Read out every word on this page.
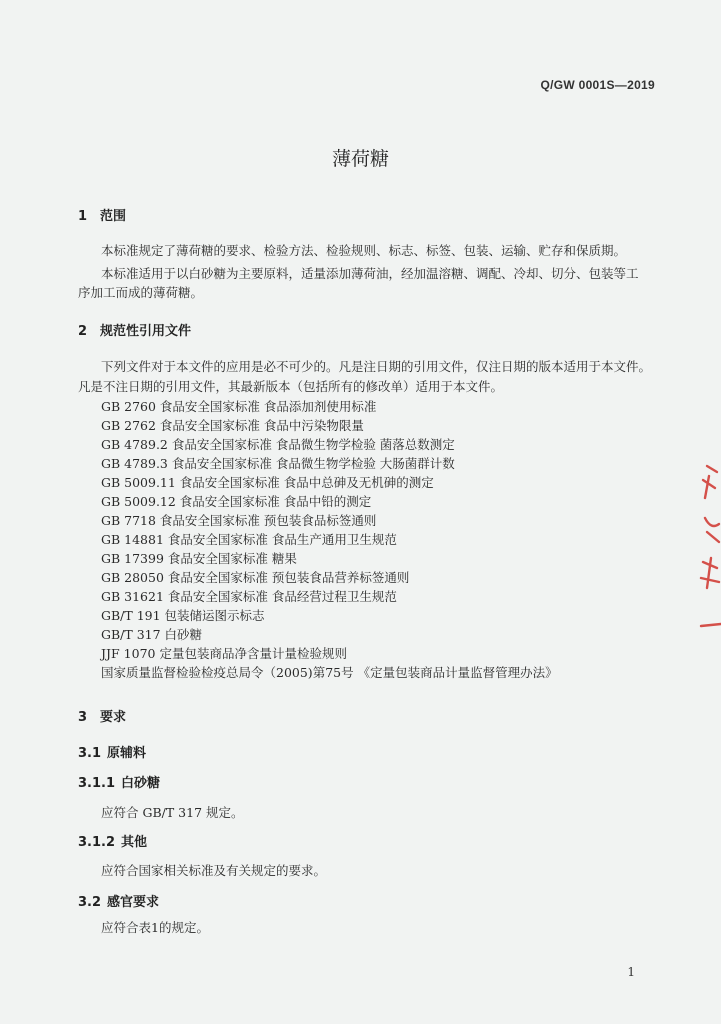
Q/GW 0001S—2019
薄荷糖
1 范围
本标准规定了薄荷糖的要求、检验方法、检验规则、标志、标签、包装、运输、贮存和保质期。
本标准适用于以白砂糖为主要原料，适量添加薄荷油，经加温溶糖、调配、冷却、切分、包装等工
序加工而成的薄荷糖。
2 规范性引用文件
下列文件对于本文件的应用是必不可少的。凡是注日期的引用文件，仅注日期的版本适用于本文件。
凡是不注日期的引用文件，其最新版本（包括所有的修改单）适用于本文件。
GB 2760 食品安全国家标准 食品添加剂使用标准
GB 2762 食品安全国家标准 食品中污染物限量
GB 4789.2 食品安全国家标准 食品微生物学检验 菌落总数测定
GB 4789.3 食品安全国家标准 食品微生物学检验 大肠菌群计数
GB 5009.11 食品安全国家标准 食品中总砷及无机砷的测定
GB 5009.12 食品安全国家标准 食品中铅的测定
GB 7718 食品安全国家标准 预包装食品标签通则
GB 14881 食品安全国家标准 食品生产通用卫生规范
GB 17399 食品安全国家标准 糖果
GB 28050 食品安全国家标准 预包装食品营养标签通则
GB 31621 食品安全国家标准 食品经营过程卫生规范
GB/T 191 包装储运图示标志
GB/T 317 白砂糖
JJF 1070 定量包装商品净含量计量检验规则
国家质量监督检验检疫总局令（2005)第75号 《定量包装商品计量监督管理办法》
3 要求
3.1 原辅料
3.1.1 白砂糖
应符合 GB/T 317 规定。
3.1.2 其他
应符合国家相关标准及有关规定的要求。
3.2 感官要求
应符合表1的规定。
1
